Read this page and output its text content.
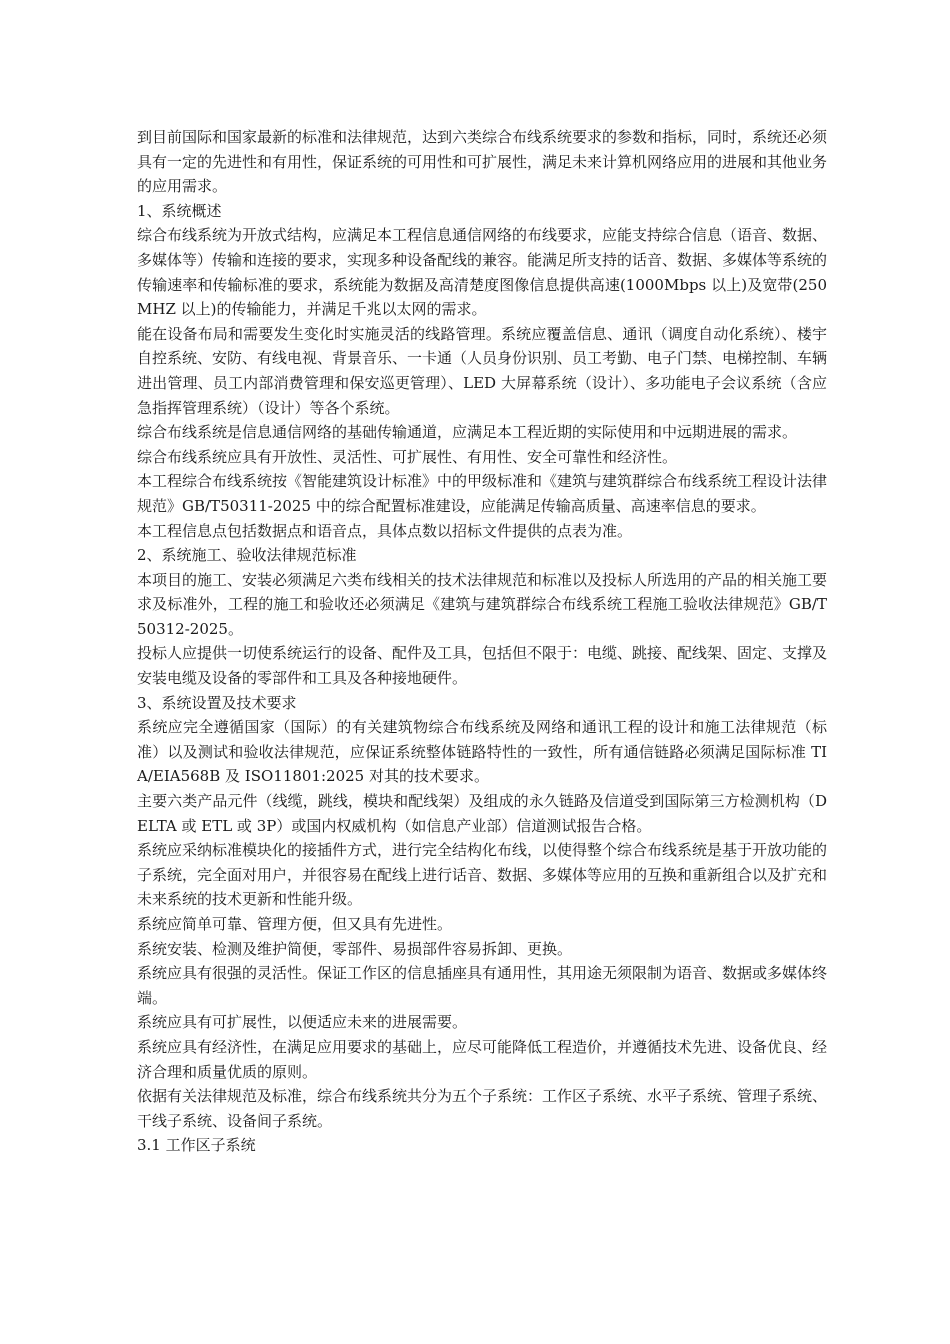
到目前国际和国家最新的标准和法律规范，达到六类综合布线系统要求的参数和指标，同时，系统还必须具有一定的先进性和有用性，保证系统的可用性和可扩展性，满足未来计算机网络应用的进展和其他业务的应用需求。

1、系统概述

综合布线系统为开放式结构，应满足本工程信息通信网络的布线要求，应能支持综合信息（语音、数据、多媒体等）传输和连接的要求，实现多种设备配线的兼容。能满足所支持的话音、数据、多媒体等系统的传输速率和传输标准的要求，系统能为数据及高清楚度图像信息提供高速(1000Mbps 以上)及宽带(250MHZ 以上)的传输能力，并满足千兆以太网的需求。

能在设备布局和需要发生变化时实施灵活的线路管理。系统应覆盖信息、通讯（调度自动化系统）、楼宇自控系统、安防、有线电视、背景音乐、一卡通（人员身份识别、员工考勤、电子门禁、电梯控制、车辆进出管理、员工内部消费管理和保安巡更管理）、LED 大屏幕系统（设计）、多功能电子会议系统（含应急指挥管理系统）（设计）等各个系统。

综合布线系统是信息通信网络的基础传输通道，应满足本工程近期的实际使用和中远期进展的需求。

综合布线系统应具有开放性、灵活性、可扩展性、有用性、安全可靠性和经济性。

本工程综合布线系统按《智能建筑设计标准》中的甲级标准和《建筑与建筑群综合布线系统工程设计法律规范》GB/T50311-2025 中的综合配置标准建设，应能满足传输高质量、高速率信息的要求。

本工程信息点包括数据点和语音点，具体点数以招标文件提供的点表为准。

2、系统施工、验收法律规范标准

本项目的施工、安装必须满足六类布线相关的技术法律规范和标准以及投标人所选用的产品的相关施工要求及标准外，工程的施工和验收还必须满足《建筑与建筑群综合布线系统工程施工验收法律规范》GB/T50312-2025。

投标人应提供一切使系统运行的设备、配件及工具，包括但不限于：电缆、跳接、配线架、固定、支撑及安装电缆及设备的零部件和工具及各种接地硬件。

3、系统设置及技术要求

系统应完全遵循国家（国际）的有关建筑物综合布线系统及网络和通讯工程的设计和施工法律规范（标准）以及测试和验收法律规范，应保证系统整体链路特性的一致性，所有通信链路必须满足国际标准 TIA/EIA568B 及 ISO11801:2025 对其的技术要求。

主要六类产品元件（线缆，跳线，模块和配线架）及组成的永久链路及信道受到国际第三方检测机构（DELTA 或 ETL 或 3P）或国内权威机构（如信息产业部）信道测试报告合格。

系统应采纳标准模块化的接插件方式，进行完全结构化布线，以使得整个综合布线系统是基于开放功能的子系统，完全面对用户，并很容易在配线上进行话音、数据、多媒体等应用的互换和重新组合以及扩充和未来系统的技术更新和性能升级。

系统应简单可靠、管理方便，但又具有先进性。

系统安装、检测及维护简便，零部件、易损部件容易拆卸、更换。

系统应具有很强的灵活性。保证工作区的信息插座具有通用性，其用途无须限制为语音、数据或多媒体终端。

系统应具有可扩展性，以便适应未来的进展需要。

系统应具有经济性，在满足应用要求的基础上，应尽可能降低工程造价，并遵循技术先进、设备优良、经济合理和质量优质的原则。

依据有关法律规范及标准，综合布线系统共分为五个子系统：工作区子系统、水平子系统、管理子系统、干线子系统、设备间子系统。

3.1 工作区子系统
